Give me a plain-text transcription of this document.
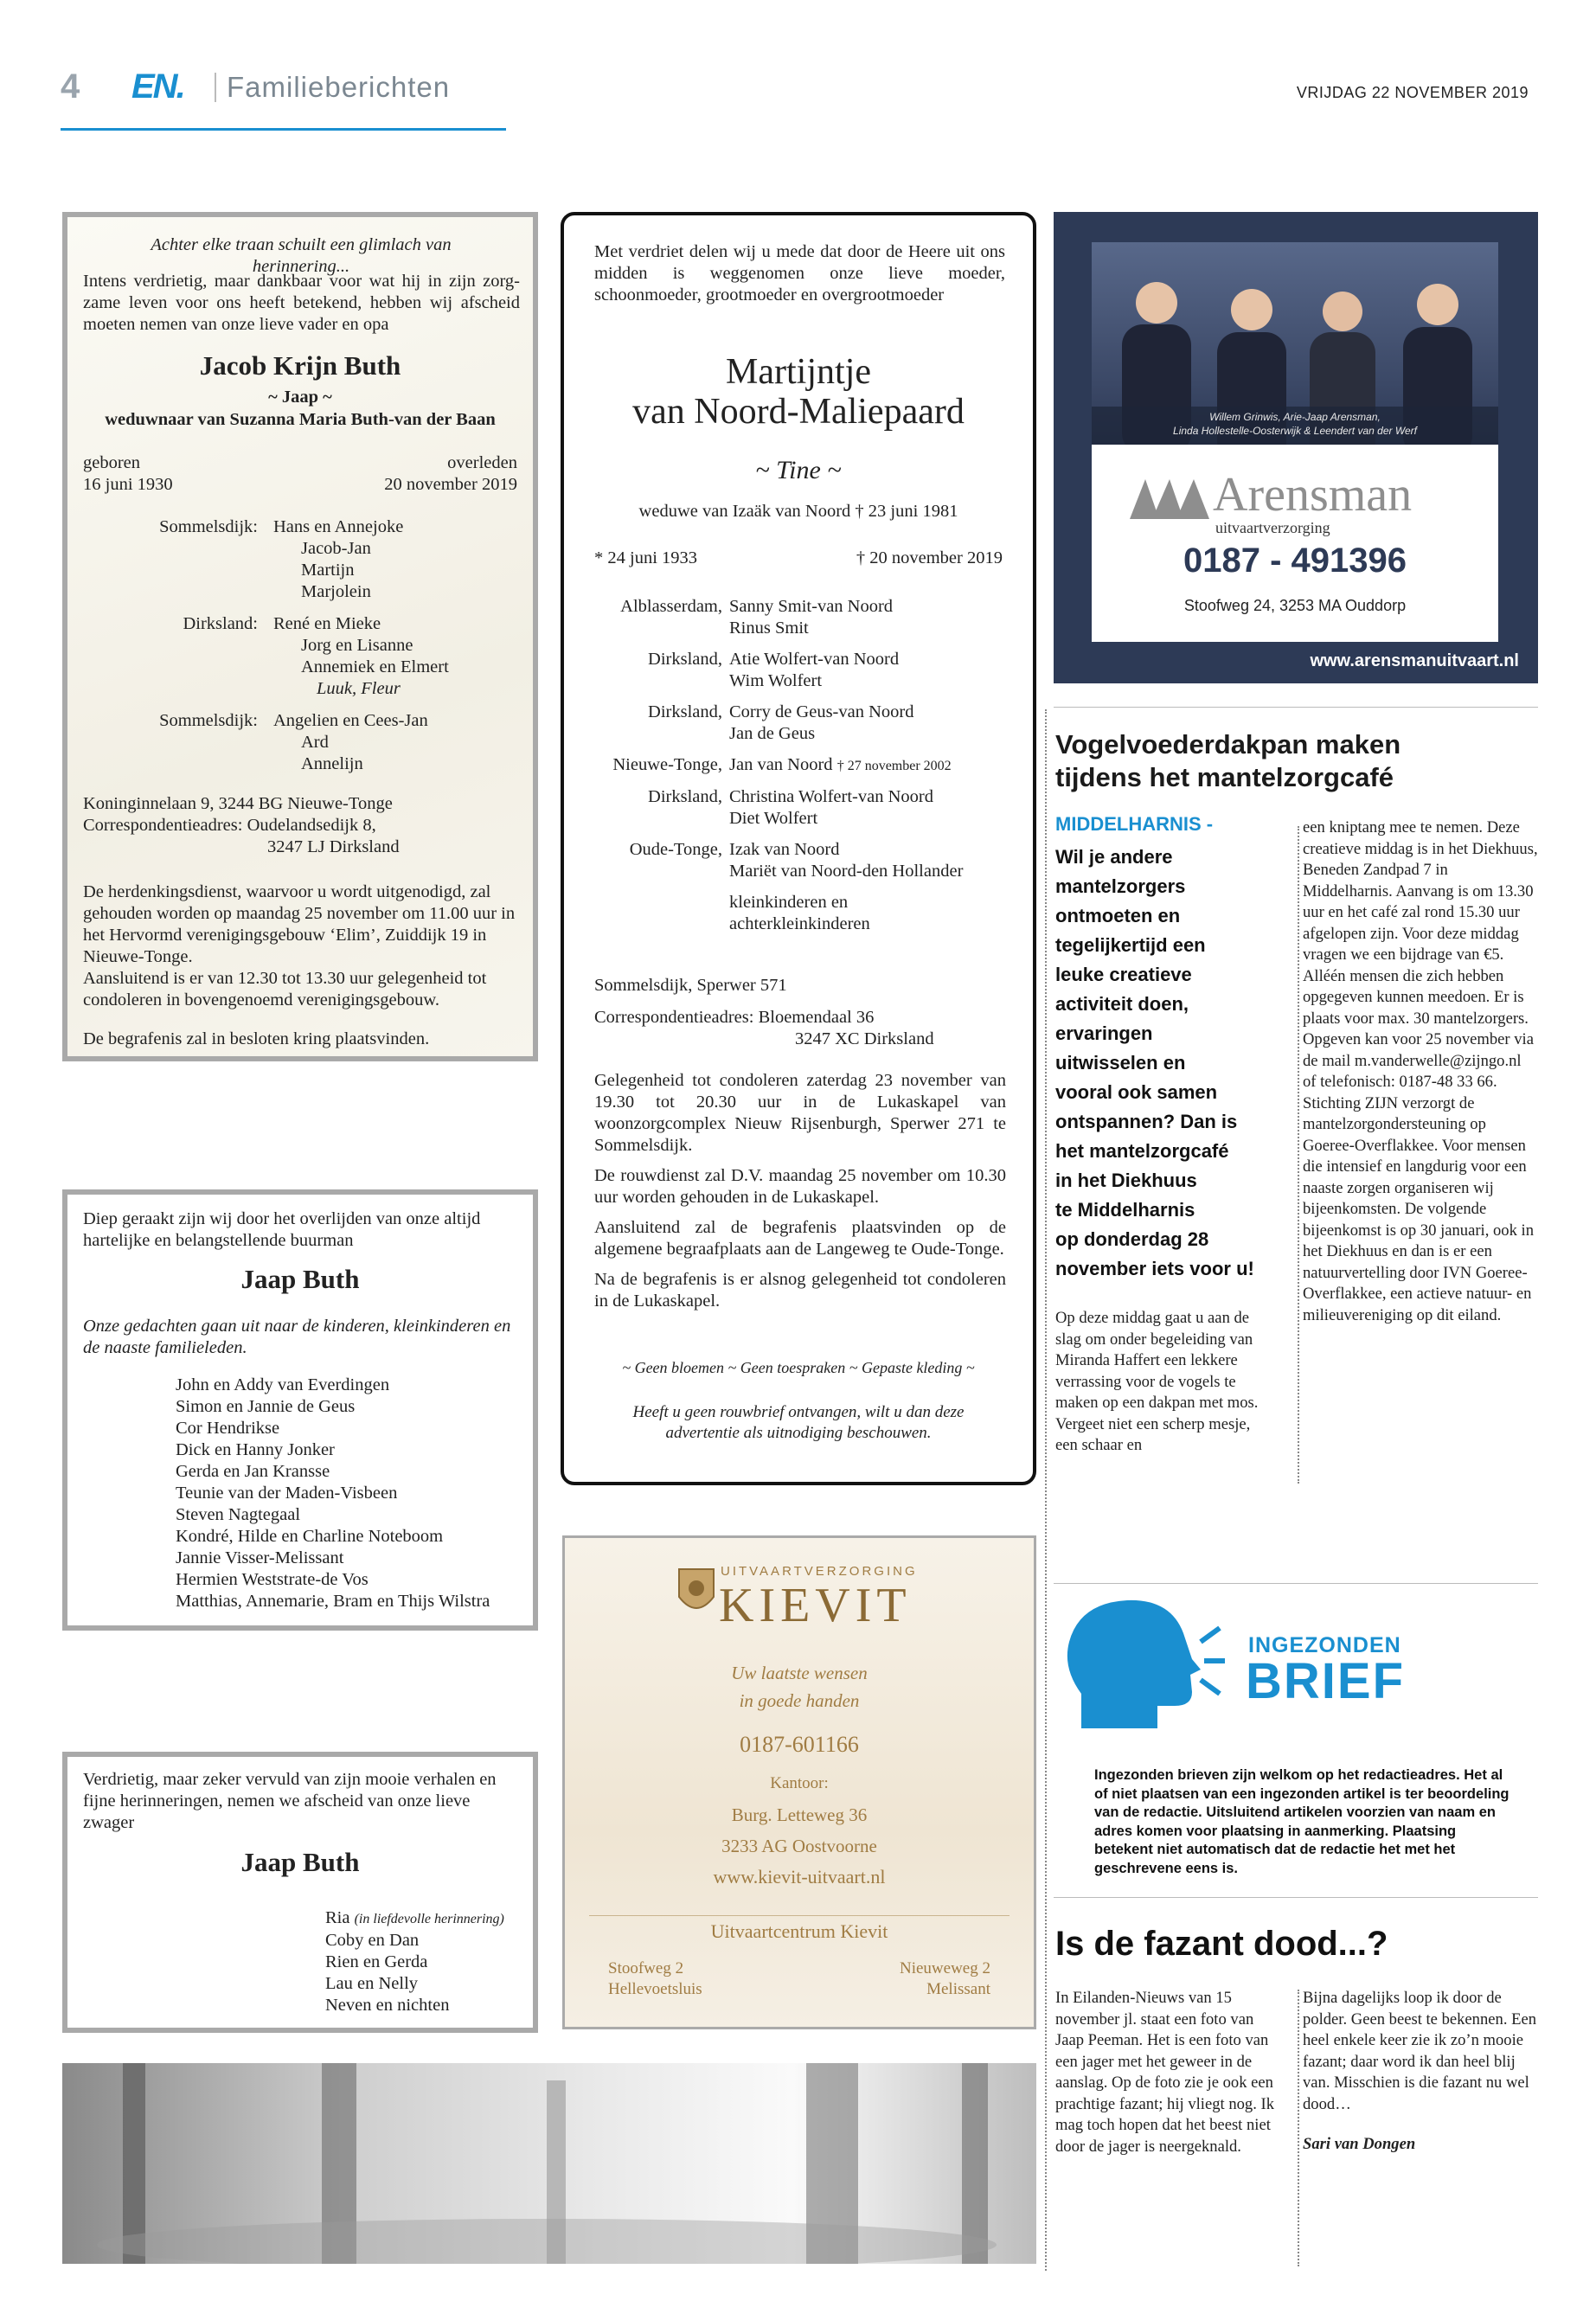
4 EN. Familieberichten	VRIJDAG 22 NOVEMBER 2019
Achter elke traan schuilt een glimlach van herinnering...
Intens verdrietig, maar dankbaar voor wat hij in zijn zorg-zame leven voor ons heeft betekend, hebben wij afscheid moeten nemen van onze lieve vader en opa
Jacob Krijn Buth
~ Jaap ~
weduwnaar van Suzanna Maria Buth-van der Baan
geboren
16 juni 1930
overleden
20 november 2019
Sommelsdijk: Hans en Annejoke
Jacob-Jan
Martijn
Marjolein
Dirksland: René en Mieke
Jorg en Lisanne
Annemiek en Elmert
Luuk, Fleur
Sommelsdijk: Angelien en Cees-Jan
Ard
Annelijn
Koninginnelaan 9, 3244 BG Nieuwe-Tonge
Correspondentieadres: Oudelandsedijk 8,
3247 LJ Dirksland

De herdenkingsdienst, waarvoor u wordt uitgenodigd, zal gehouden worden op maandag 25 november om 11.00 uur in het Hervormd verenigingsgebouw ‘Elim’, Zuiddijk 19 in Nieuwe-Tonge.

Aansluitend is er van 12.30 tot 13.30 uur gelegenheid tot condoleren in bovengenoemd verenigingsgebouw.

De begrafenis zal in besloten kring plaatsvinden.

Diep geraakt zijn wij door het overlijden van onze altijd hartelijke en belangstellende buurman
Jaap Buth
Onze gedachten gaan uit naar de kinderen, kleinkinderen en de naaste familieleden.
John en Addy van Everdingen
Simon en Jannie de Geus
Cor Hendrikse
Dick en Hanny Jonker
Gerda en Jan Kransse
Teunie van der Maden-Visbeen
Steven Nagtegaal
Kondré, Hilde en Charline Noteboom
Jannie Visser-Melissant
Hermien Weststrate-de Vos
Matthias, Annemarie, Bram en Thijs Wilstra
Verdrietig, maar zeker vervuld van zijn mooie verhalen en fijne herinneringen, nemen we afscheid van onze lieve zwager
Jaap Buth
Ria (in liefdevolle herinnering)
Coby en Dan
Rien en Gerda
Lau en Nelly
Neven en nichten
Met verdriet delen wij u mede dat door de Heere uit ons midden is weggenomen onze lieve moeder, schoonmoeder, grootmoeder en overgrootmoeder
Martijntje
van Noord-Maliepaard
~ Tine ~
weduwe van Izaäk van Noord † 23 juni 1981
* 24 juni 1933	† 20 november 2019
Alblasserdam, Sanny Smit-van Noord
Rinus Smit
Dirksland, Atie Wolfert-van Noord
Wim Wolfert
Dirksland, Corry de Geus-van Noord
Jan de Geus
Nieuwe-Tonge, Jan van Noord † 27 november 2002
Dirksland, Christina Wolfert-van Noord
Diet Wolfert
Oude-Tonge, Izak van Noord
Mariët van Noord-den Hollander
kleinkinderen en
achterkleinkinderen
Sommelsdijk, Sperwer 571
Correspondentieadres: Bloemendaal 36
3247 XC Dirksland

Gelegenheid tot condoleren zaterdag 23 november van 19.30 tot 20.30 uur in de Lukaskapel van woonzorgcomplex Nieuw Rijsenburgh, Sperwer 271 te Sommelsdijk.

De rouwdienst zal D.V. maandag 25 november om 10.30 uur worden gehouden in de Lukaskapel.

Aansluitend zal de begrafenis plaatsvinden op de algemene begraafplaats aan de Langeweg te Oude-Tonge.

Na de begrafenis is er alsnog gelegenheid tot condoleren in de Lukaskapel.

~ Geen bloemen ~ Geen toespraken ~ Gepaste kleding ~
Heeft u geen rouwbrief ontvangen, wilt u dan deze advertentie als uitnodiging beschouwen.
Willem Grinwis, Arie-Jaap Arensman,
Linda Hollestelle-Oosterwijk & Leendert van der Werf
Arensman
uitvaartverzorging
0187 - 491396
Stoofweg 24, 3253 MA Ouddorp
www.arensmanuitvaart.nl
UITVAARTVERZORGING
KIEVIT
Uw laatste wensen
in goede handen
0187-601166
Kantoor:
Burg. Letteweg 36
3233 AG Oostvoorne
www.kievit-uitvaart.nl
Uitvaartcentrum Kievit
Stoofweg 2
Hellevoetsluis
Nieuweweg 2
Melissant
Vogelvoederdakpan maken
tijdens het mantelzorgcafé
MIDDELHARNIS -
Wil je andere
mantelzorgers
ontmoeten en
tegelijkertijd een
leuke creatieve
activiteit doen,
ervaringen
uitwisselen en
vooral ook samen
ontspannen? Dan is
het mantelzorgcafé
in het Diekhuus
te Middelharnis
op donderdag 28
november iets voor u!
Op deze middag gaat u aan de slag om onder begeleiding van Miranda Haffert een lekkere verrassing voor de vogels te maken op een dakpan met mos. Vergeet niet een scherp mesje, een schaar en
een kniptang mee te nemen. Deze creatieve middag is in het Diekhuus, Beneden Zandpad 7 in Middelharnis. Aanvang is om 13.30 uur en het café zal rond 15.30 uur afgelopen zijn. Voor deze middag vragen we een bijdrage van €5. Alléén mensen die zich hebben opgegeven kunnen meedoen. Er is plaats voor max. 30 mantelzorgers. Opgeven kan voor 25 november via de mail m.vanderwelle@zijngo.nl of telefonisch: 0187-48 33 66. Stichting ZIJN verzorgt de mantelzorgondersteuning op Goeree-Overflakkee. Voor mensen die intensief en langdurig voor een naaste zorgen organiseren wij bijeenkomsten. De volgende bijeenkomst is op 30 januari, ook in het Diekhuus en dan is er een natuurvertelling door IVN Goeree-Overflakkee, een actieve natuur- en milieuvereniging op dit eiland.
INGEZONDEN
BRIEF
Ingezonden brieven zijn welkom op het redactieadres. Het al of niet plaatsen van een ingezonden artikel is ter beoordeling van de redactie. Uitsluitend artikelen voorzien van naam en adres komen voor plaatsing in aanmerking. Plaatsing betekent niet automatisch dat de redactie het met het geschrevene eens is.
Is de fazant dood...?
In Eilanden-Nieuws van 15 november jl. staat een foto van Jaap Peeman. Het is een foto van een jager met het geweer in de aanslag. Op de foto zie je ook een prachtige fazant; hij vliegt nog. Ik mag toch hopen dat het beest niet door de jager is neergeknald.

Bijna dagelijks loop ik door de polder. Geen beest te bekennen. Een heel enkele keer zie ik zo’n mooie fazant; daar word ik dan heel blij van. Misschien is die fazant nu wel dood…

Sari van Dongen
